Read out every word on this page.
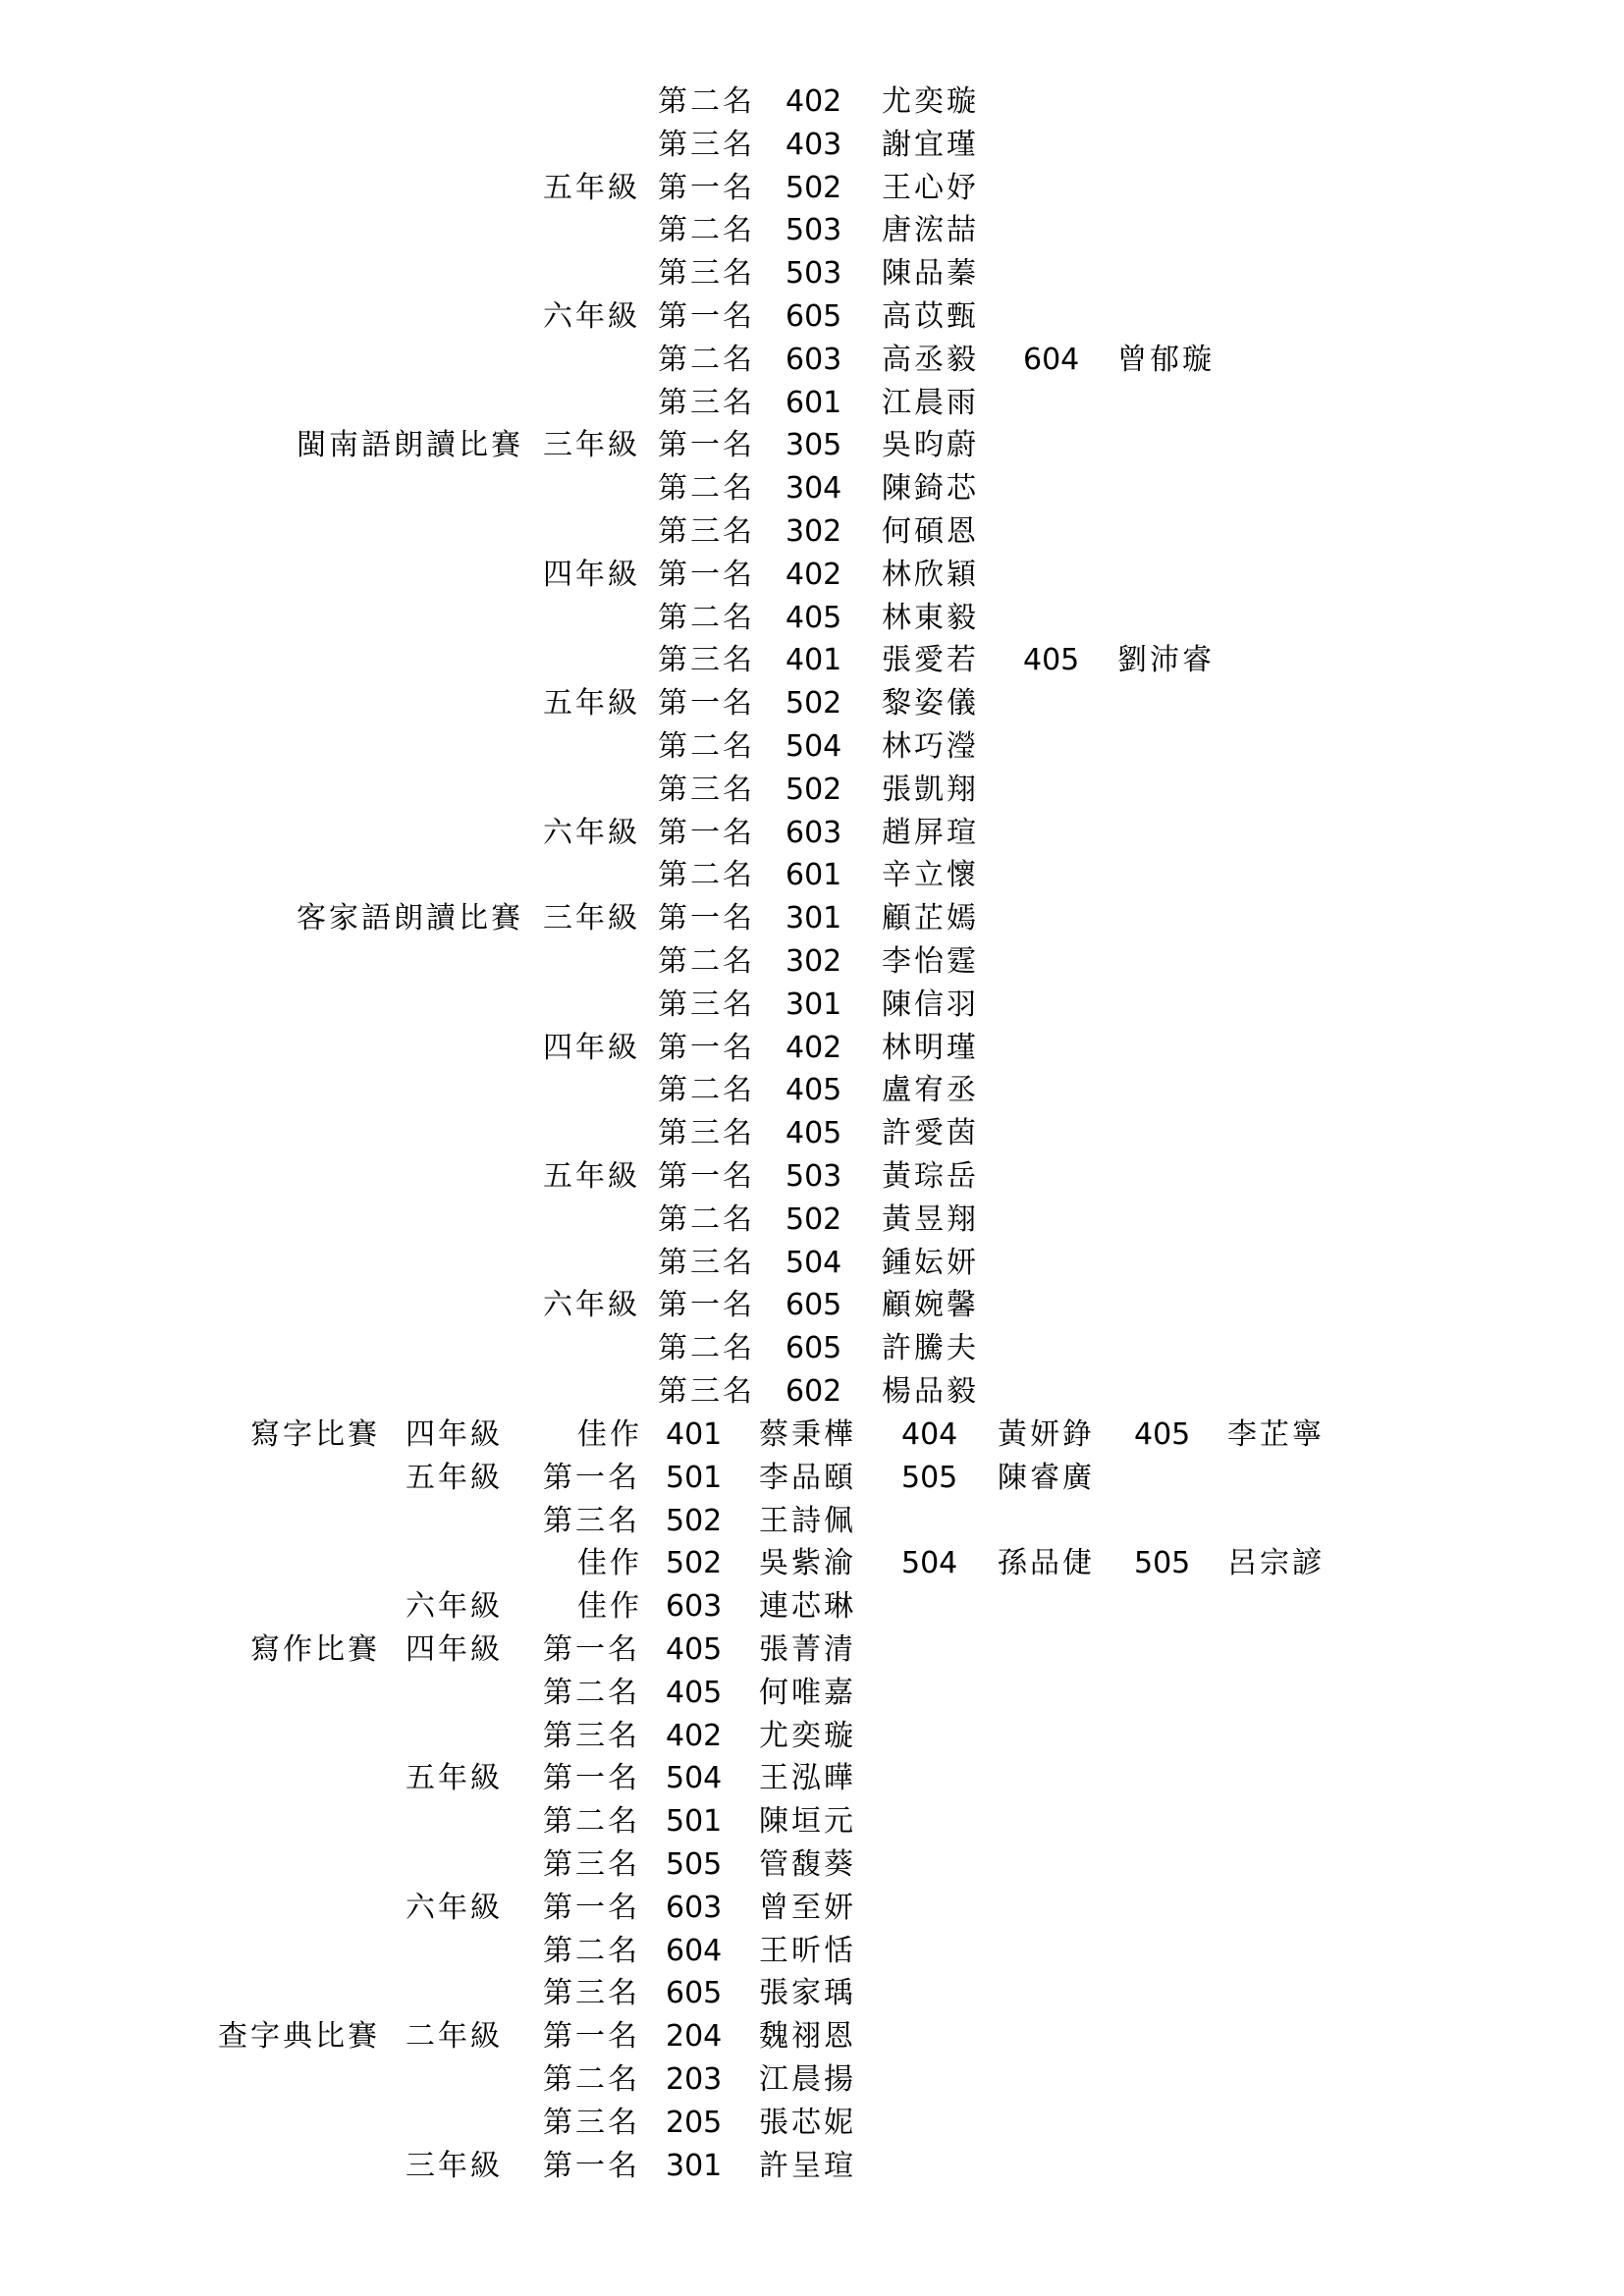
第二名 402 尤奕璇
第三名 403 謝宜瑾
五年級 第一名 502 王心妤
第二名 503 唐浤喆
第三名 503 陳品蓁
六年級 第一名 605 高苡甄
第二名 603 高丞毅 604 曾郁璇
第三名 601 江晨雨
閩南語朗讀比賽 三年級 第一名 305 吳昀蔚
第二名 304 陳錡芯
第三名 302 何碩恩
四年級 第一名 402 林欣穎
第二名 405 林東毅
第三名 401 張愛若 405 劉沛睿
五年級 第一名 502 黎姿儀
第二名 504 林巧瀅
第三名 502 張凱翔
六年級 第一名 603 趙屏瑄
第二名 601 辛立懷
客家語朗讀比賽 三年級 第一名 301 顧芷嫣
第二名 302 李怡霆
第三名 301 陳信羽
四年級 第一名 402 林明瑾
第二名 405 盧宥丞
第三名 405 許愛茵
五年級 第一名 503 黃琮岳
第二名 502 黃昱翔
第三名 504 鍾妘妍
六年級 第一名 605 顧婉馨
第二名 605 許騰夫
第三名 602 楊品毅
寫字比賽 四年級	佳作 401 蔡秉樺 404 黃妍錚 405 李芷寧
五年級 第一名 501 李品頤 505 陳睿廣
第三名 502 王詩佩
佳作 502 吳紫渝 504 孫品倢 505 呂宗諺
六年級	佳作 603 連芯琳
寫作比賽 四年級 第一名 405 張菁清
第二名 405 何唯嘉
第三名 402 尤奕璇
五年級 第一名 504 王泓曄
第二名 501 陳垣元
第三名 505 管馥葵
六年級 第一名 603 曾至妍
第二名 604 王昕恬
第三名 605 張家瑀
查字典比賽 二年級 第一名 204 魏祤恩
第二名 203 江晨揚
第三名 205 張芯妮
三年級 第一名 301 許呈瑄
